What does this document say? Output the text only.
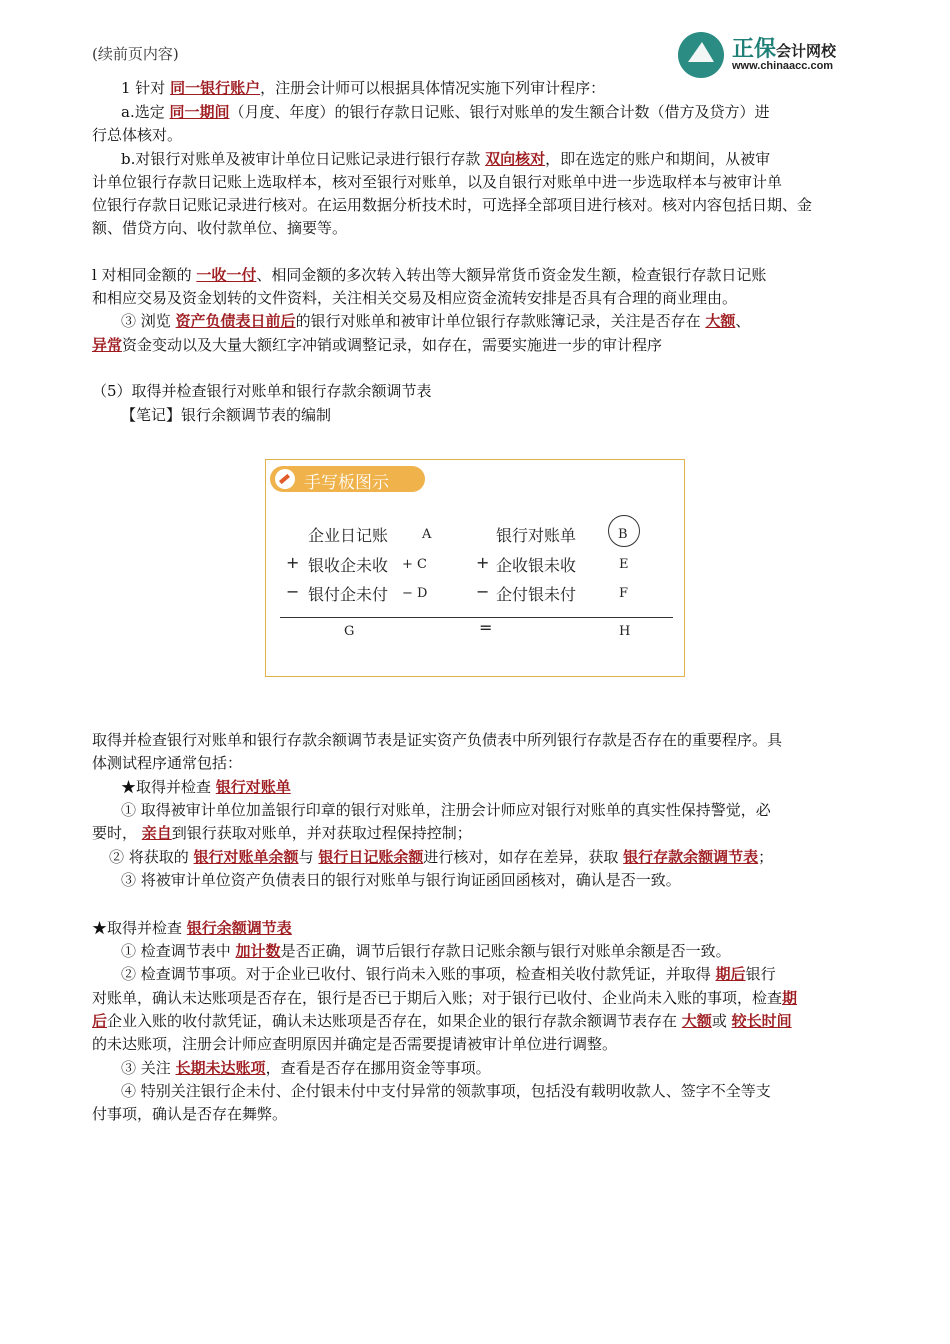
(续前页内容)	正保会计网校
www.chinaacc.com
1 针对 同一银行账户，注册会计师可以根据具体情况实施下列审计程序：
a.选定 同一期间（月度、年度）的银行存款日记账、银行对账单的发生额合计数（借方及贷方）进
行总体核对。
b.对银行对账单及被审计单位日记账记录进行银行存款 双向核对，即在选定的账户和期间，从被审
计单位银行存款日记账上选取样本，核对至银行对账单，以及自银行对账单中进一步选取样本与被审计单
位银行存款日记账记录进行核对。在运用数据分析技术时，可选择全部项目进行核对。核对内容包括日期、金
额、借贷方向、收付款单位、摘要等。
l 对相同金额的 一收一付、相同金额的多次转入转出等大额异常货币资金发生额，检查银行存款日记账
和相应交易及资金划转的文件资料，关注相关交易及相应资金流转安排是否具有合理的商业理由。
③ 浏览 资产负债表日前后的银行对账单和被审计单位银行存款账簿记录，关注是否存在 大额、
异常资金变动以及大量大额红字冲销或调整记录，如存在，需要实施进一步的审计程序
（5）取得并检查银行对账单和银行存款余额调节表
【笔记】银行余额调节表的编制
手写板图示
企业日记账	A	银行对账单	B
+ 银收企未收 + C	+ 企收银未收	E
− 银付企未付 − D	− 企付银未付	F
G	=	H
取得并检查银行对账单和银行存款余额调节表是证实资产负债表中所列银行存款是否存在的重要程序。具
体测试程序通常包括：
★取得并检查 银行对账单
① 取得被审计单位加盖银行印章的银行对账单，注册会计师应对银行对账单的真实性保持警觉，必
要时， 亲自到银行获取对账单，并对获取过程保持控制；
② 将获取的 银行对账单余额与 银行日记账余额进行核对，如存在差异，获取 银行存款余额调节表；
③ 将被审计单位资产负债表日的银行对账单与银行询证函回函核对，确认是否一致。
★取得并检查 银行余额调节表
① 检查调节表中 加计数是否正确，调节后银行存款日记账余额与银行对账单余额是否一致。
② 检查调节事项。对于企业已收付、银行尚未入账的事项，检查相关收付款凭证，并取得 期后银行
对账单，确认未达账项是否存在，银行是否已于期后入账；对于银行已收付、企业尚未入账的事项，检查期
后企业入账的收付款凭证，确认未达账项是否存在，如果企业的银行存款余额调节表存在 大额或 较长时间
的未达账项，注册会计师应查明原因并确定是否需要提请被审计单位进行调整。
③ 关注 长期未达账项，查看是否存在挪用资金等事项。
④ 特别关注银行企未付、企付银未付中支付异常的领款事项，包括没有载明收款人、签字不全等支
付事项，确认是否存在舞弊。
